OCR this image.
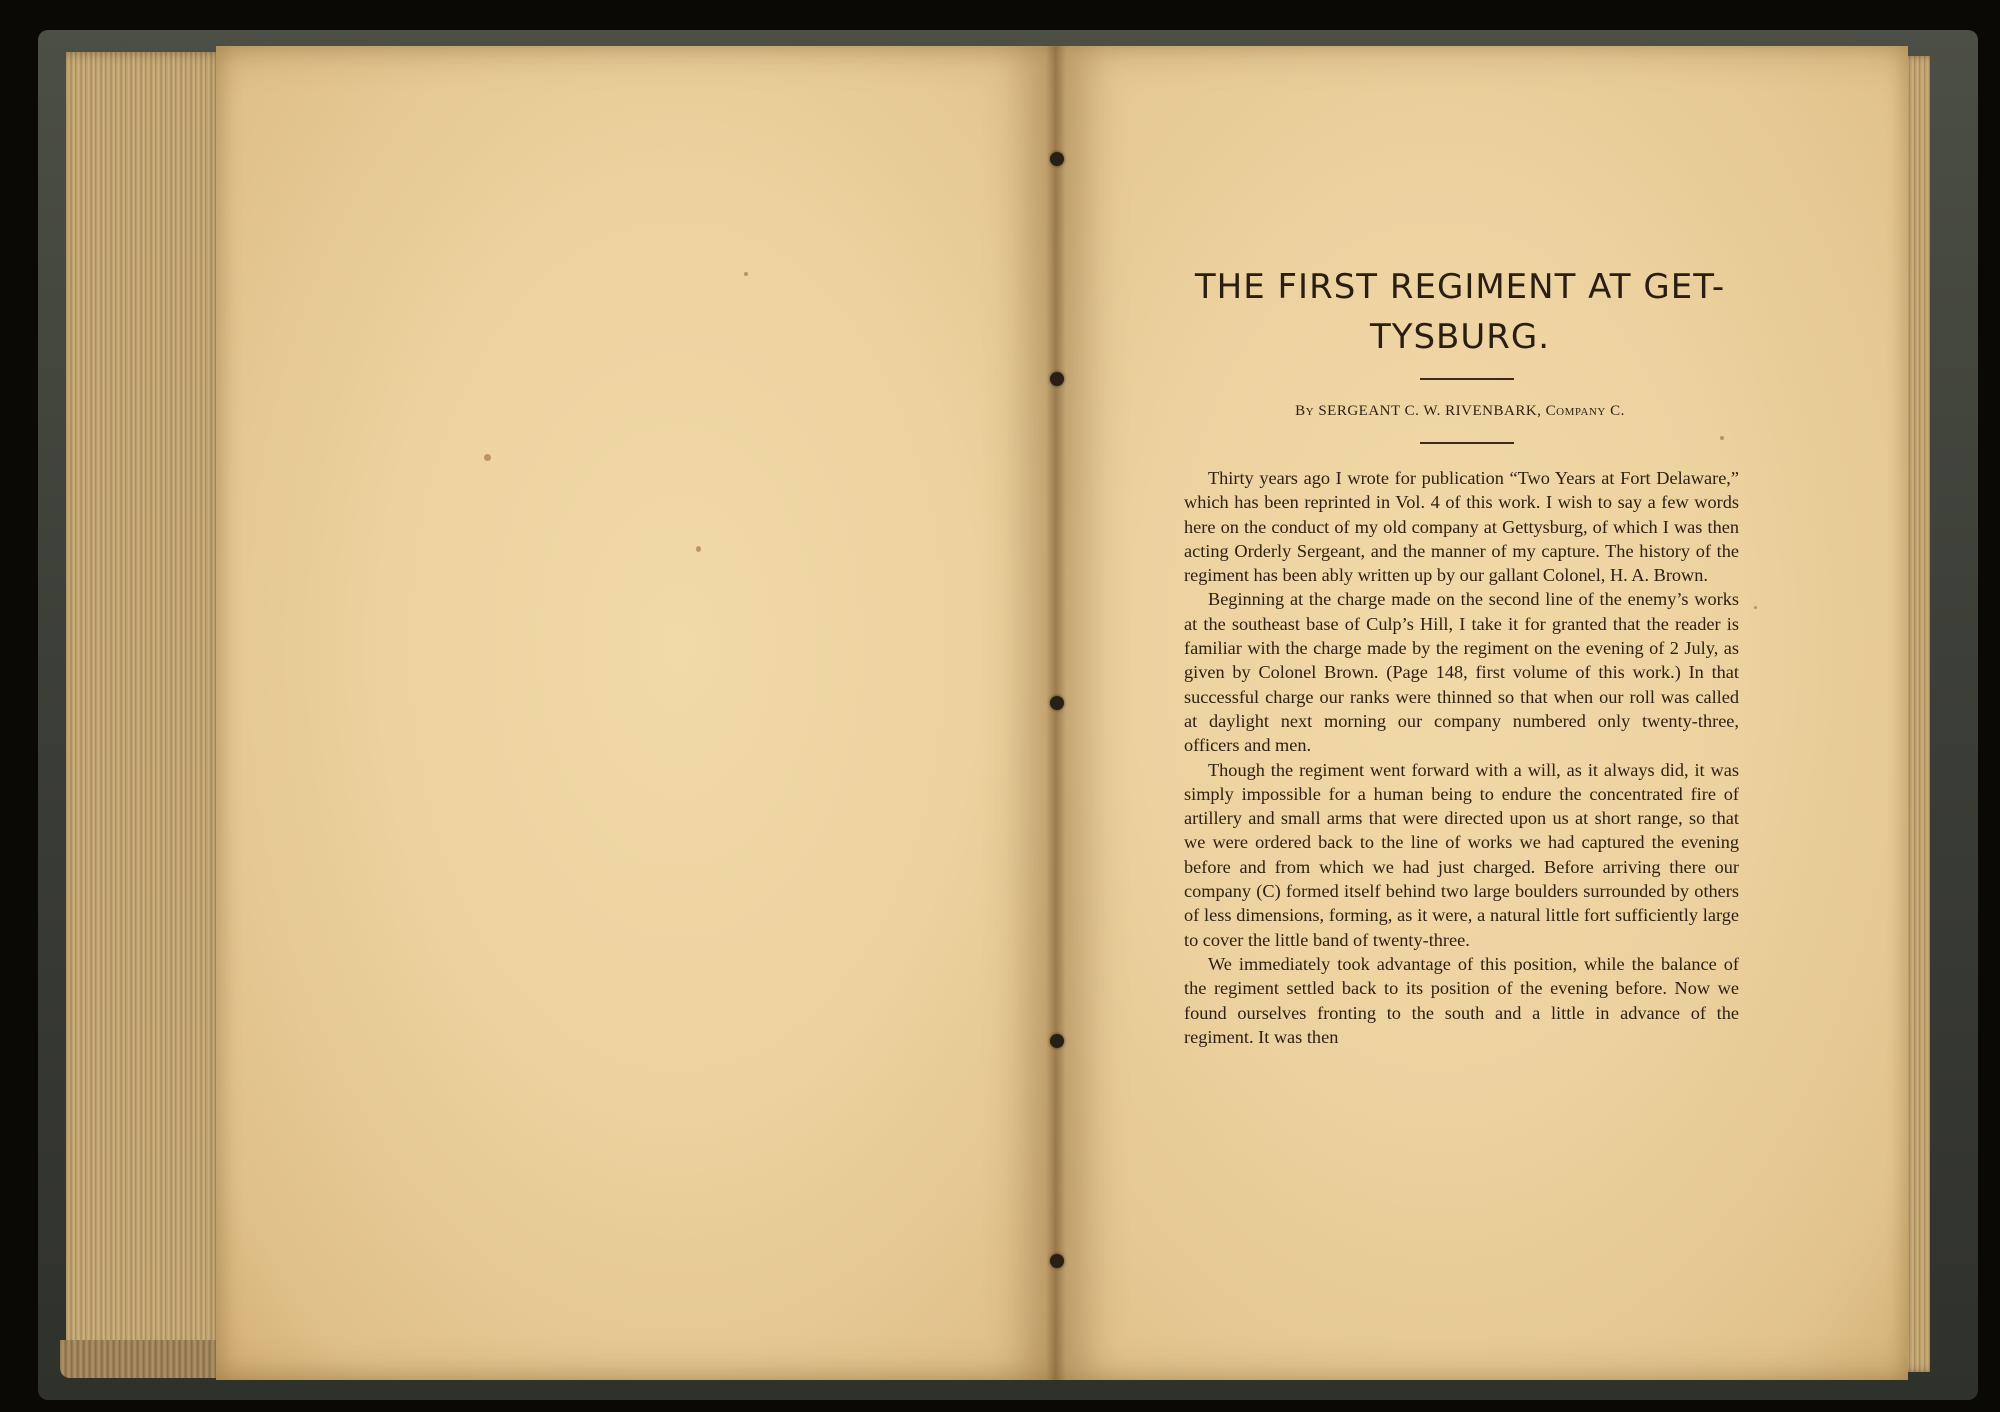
THE FIRST REGIMENT AT GET- TYSBURG.
By SERGEANT C. W. RIVENBARK, Company C.

Thirty years ago I wrote for publication “Two Years at Fort Delaware,” which has been reprinted in Vol. 4 of this work. I wish to say a few words here on the conduct of my old company at Gettysburg, of which I was then acting Orderly Sergeant, and the manner of my capture. The history of the regiment has been ably written up by our gallant Colonel, H. A. Brown.

Beginning at the charge made on the second line of the enemy’s works at the southeast base of Culp’s Hill, I take it for granted that the reader is familiar with the charge made by the regiment on the evening of 2 July, as given by Colonel Brown. (Page 148, first volume of this work.) In that successful charge our ranks were thinned so that when our roll was called at daylight next morning our company numbered only twenty-three, officers and men.

Though the regiment went forward with a will, as it always did, it was simply impossible for a human being to endure the concentrated fire of artillery and small arms that were directed upon us at short range, so that we were ordered back to the line of works we had captured the evening before and from which we had just charged. Before arriving there our company (C) formed itself behind two large boulders surrounded by others of less dimensions, forming, as it were, a natural little fort sufficiently large to cover the little band of twenty-three.

We immediately took advantage of this position, while the balance of the regiment settled back to its position of the evening before. Now we found ourselves fronting to the south and a little in advance of the regiment. It was then
